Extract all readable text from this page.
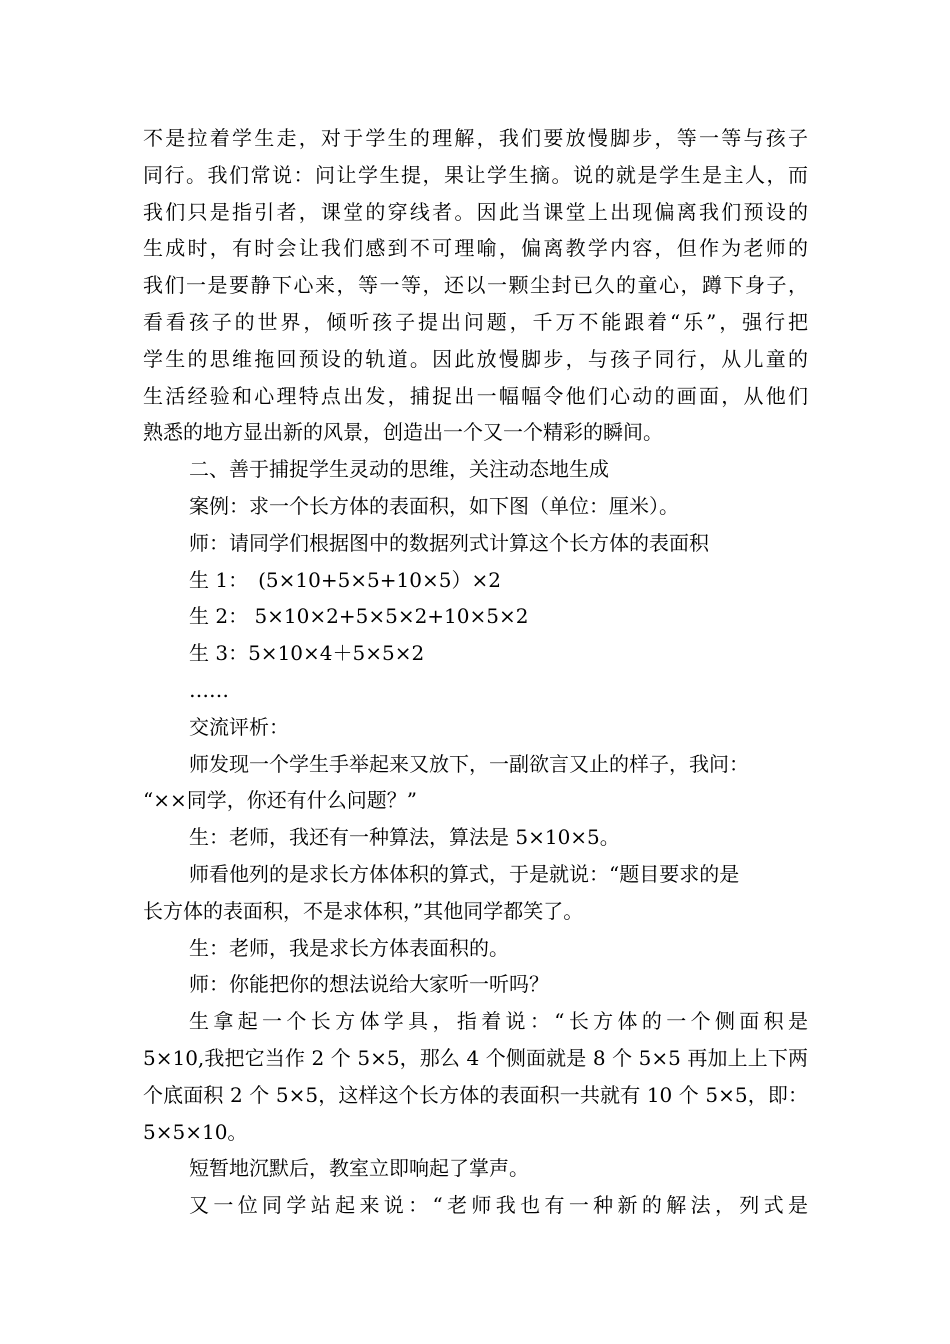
不是拉着学生走，对于学生的理解，我们要放慢脚步，等一等与孩子
同行。我们常说：问让学生提，果让学生摘。说的就是学生是主人，而
我们只是指引者，课堂的穿线者。因此当课堂上出现偏离我们预设的
生成时，有时会让我们感到不可理喻，偏离教学内容，但作为老师的
我们一是要静下心来，等一等，还以一颗尘封已久的童心，蹲下身子，
看看孩子的世界，倾听孩子提出问题，千万不能跟着“乐”，强行把
学生的思维拖回预设的轨道。因此放慢脚步，与孩子同行，从儿童的
生活经验和心理特点出发，捕捉出一幅幅令他们心动的画面，从他们
熟悉的地方显出新的风景，创造出一个又一个精彩的瞬间。
二、善于捕捉学生灵动的思维，关注动态地生成
案例：求一个长方体的表面积，如下图（单位：厘米）。
师：请同学们根据图中的数据列式计算这个长方体的表面积
生 1：　(5×10+5×5+10×5）×2
生 2： 5×10×2+5×5×2+10×5×2
生 3：5×10×4＋5×5×2
……
交流评析：
师发现一个学生手举起来又放下，一副欲言又止的样子，我问：
“××同学，你还有什么问题？”
生：老师，我还有一种算法，算法是 5×10×5。
师看他列的是求长方体体积的算式，于是就说：“题目要求的是
长方体的表面积，不是求体积，”其他同学都笑了。
生：老师，我是求长方体表面积的。
师：你能把你的想法说给大家听一听吗？
生拿起一个长方体学具，指着说：“长方体的一个侧面积是
5×10,我把它当作 2 个 5×5，那么 4 个侧面就是 8 个 5×5 再加上上下两
个底面积 2 个 5×5，这样这个长方体的表面积一共就有 10 个 5×5，即：
5×5×10。
短暂地沉默后，教室立即响起了掌声。
又一位同学站起来说：“老师我也有一种新的解法，列式是
